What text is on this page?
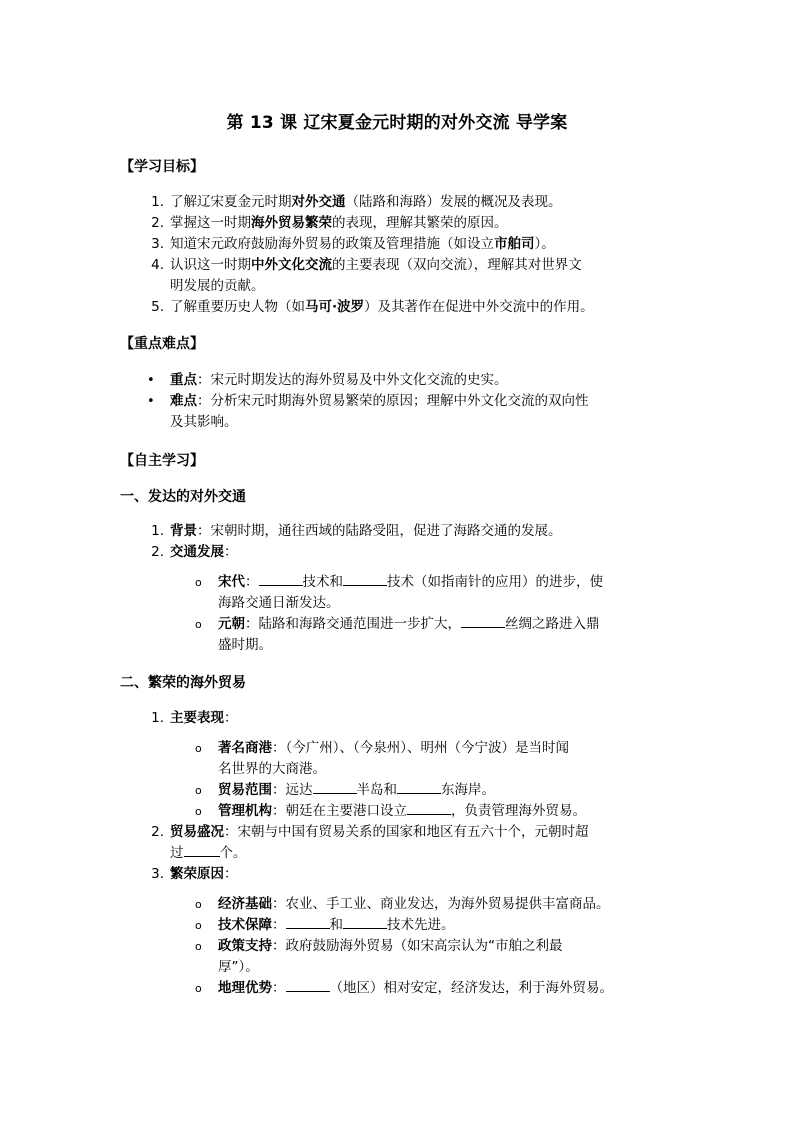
第 13 课 辽宋夏金元时期的对外交流 导学案
【学习目标】
1. 了解辽宋夏金元时期对外交通（陆路和海路）发展的概况及表现。
2. 掌握这一时期海外贸易繁荣的表现，理解其繁荣的原因。
3. 知道宋元政府鼓励海外贸易的政策及管理措施（如设立市舶司）。
4. 认识这一时期中外文化交流的主要表现（双向交流），理解其对世界文
明发展的贡献。
5. 了解重要历史人物（如马可·波罗）及其著作在促进中外交流中的作用。
【重点难点】
• 重点：宋元时期发达的海外贸易及中外文化交流的史实。
• 难点：分析宋元时期海外贸易繁荣的原因；理解中外文化交流的双向性
及其影响。
【自主学习】
一、发达的对外交通
1. 背景：宋朝时期，通往西域的陆路受阻，促进了海路交通的发展。
2. 交通发展：
o 宋代：	技术和	技术（如指南针的应用）的进步，使
海路交通日渐发达。
o 元朝：陆路和海路交通范围进一步扩大，	丝绸之路进入鼎
盛时期。
二、繁荣的海外贸易
1. 主要表现：
o 著名商港：（今广州）、（今泉州）、明州（今宁波）是当时闻
名世界的大商港。
o 贸易范围：远达	半岛和	东海岸。
o 管理机构：朝廷在主要港口设立	，负责管理海外贸易。
2. 贸易盛况：宋朝与中国有贸易关系的国家和地区有五六十个，元朝时超
过	个。
3. 繁荣原因：
o 经济基础：农业、手工业、商业发达，为海外贸易提供丰富商品。
o 技术保障：	和	技术先进。
o 政策支持：政府鼓励海外贸易（如宋高宗认为“市舶之利最
厚”）。
o 地理优势：	（地区）相对安定，经济发达，利于海外贸易。
